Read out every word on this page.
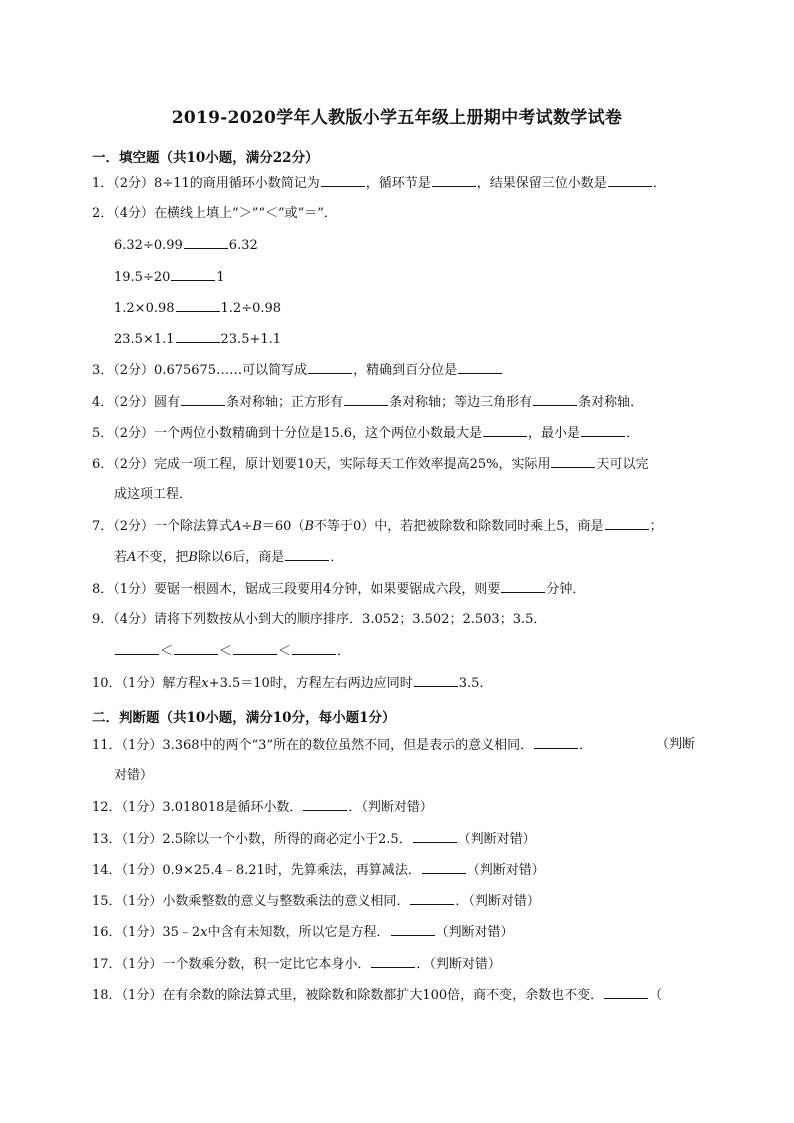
2019-2020学年人教版小学五年级上册期中考试数学试卷
一．填空题（共10小题，满分22分）
1．（2分）8÷11的商用循环小数简记为	，循环节是	，结果保留三位小数是	．
2．（4分）在横线上填上“＞”“＜”或“＝”．
6.32÷0.99	6.32
19.5÷20	1
1.2×0.98	1.2÷0.98
23.5×1.1	23.5+1.1
3．（2分）0.675675……可以简写成	，精确到百分位是
4．（2分）圆有	条对称轴；正方形有	条对称轴；等边三角形有	条对称轴．
5．（2分）一个两位小数精确到十分位是15.6，这个两位小数最大是	，最小是	．
6．（2分）完成一项工程，原计划要10天，实际每天工作效率提高25%，实际用	天可以完
成这项工程．
7．（2分）一个除法算式A÷B＝60（B不等于0）中，若把被除数和除数同时乘上5，商是	；
若A不变，把B除以6后，商是	．
8．（1分）要锯一根圆木，锯成三段要用4分钟，如果要锯成六段，则要	分钟．
9．（4分）请将下列数按从小到大的顺序排序．3.052；3.502；2.503；3.5．
＜	＜	＜	．
10．（1分）解方程x+3.5＝10时，方程左右两边应同时	3.5．
二．判断题（共10小题，满分10分，每小题1分）
11．（1分）3.368中的两个“3”所在的数位虽然不同，但是表示的意义相同．	．	（判断
对错）
12．（1分）3.018018是循环小数．	．（判断对错）
13．（1分）2.5除以一个小数，所得的商必定小于2.5．	（判断对错）
14．（1分）0.9×25.4﹣8.21时，先算乘法，再算减法．	（判断对错）
15．（1分）小数乘整数的意义与整数乘法的意义相同．	．（判断对错）
16．（1分）35﹣2x中含有未知数，所以它是方程．	（判断对错）
17．（1分）一个数乘分数，积一定比它本身小．	．（判断对错）
18．（1分）在有余数的除法算式里，被除数和除数都扩大100倍，商不变，余数也不变．	（
